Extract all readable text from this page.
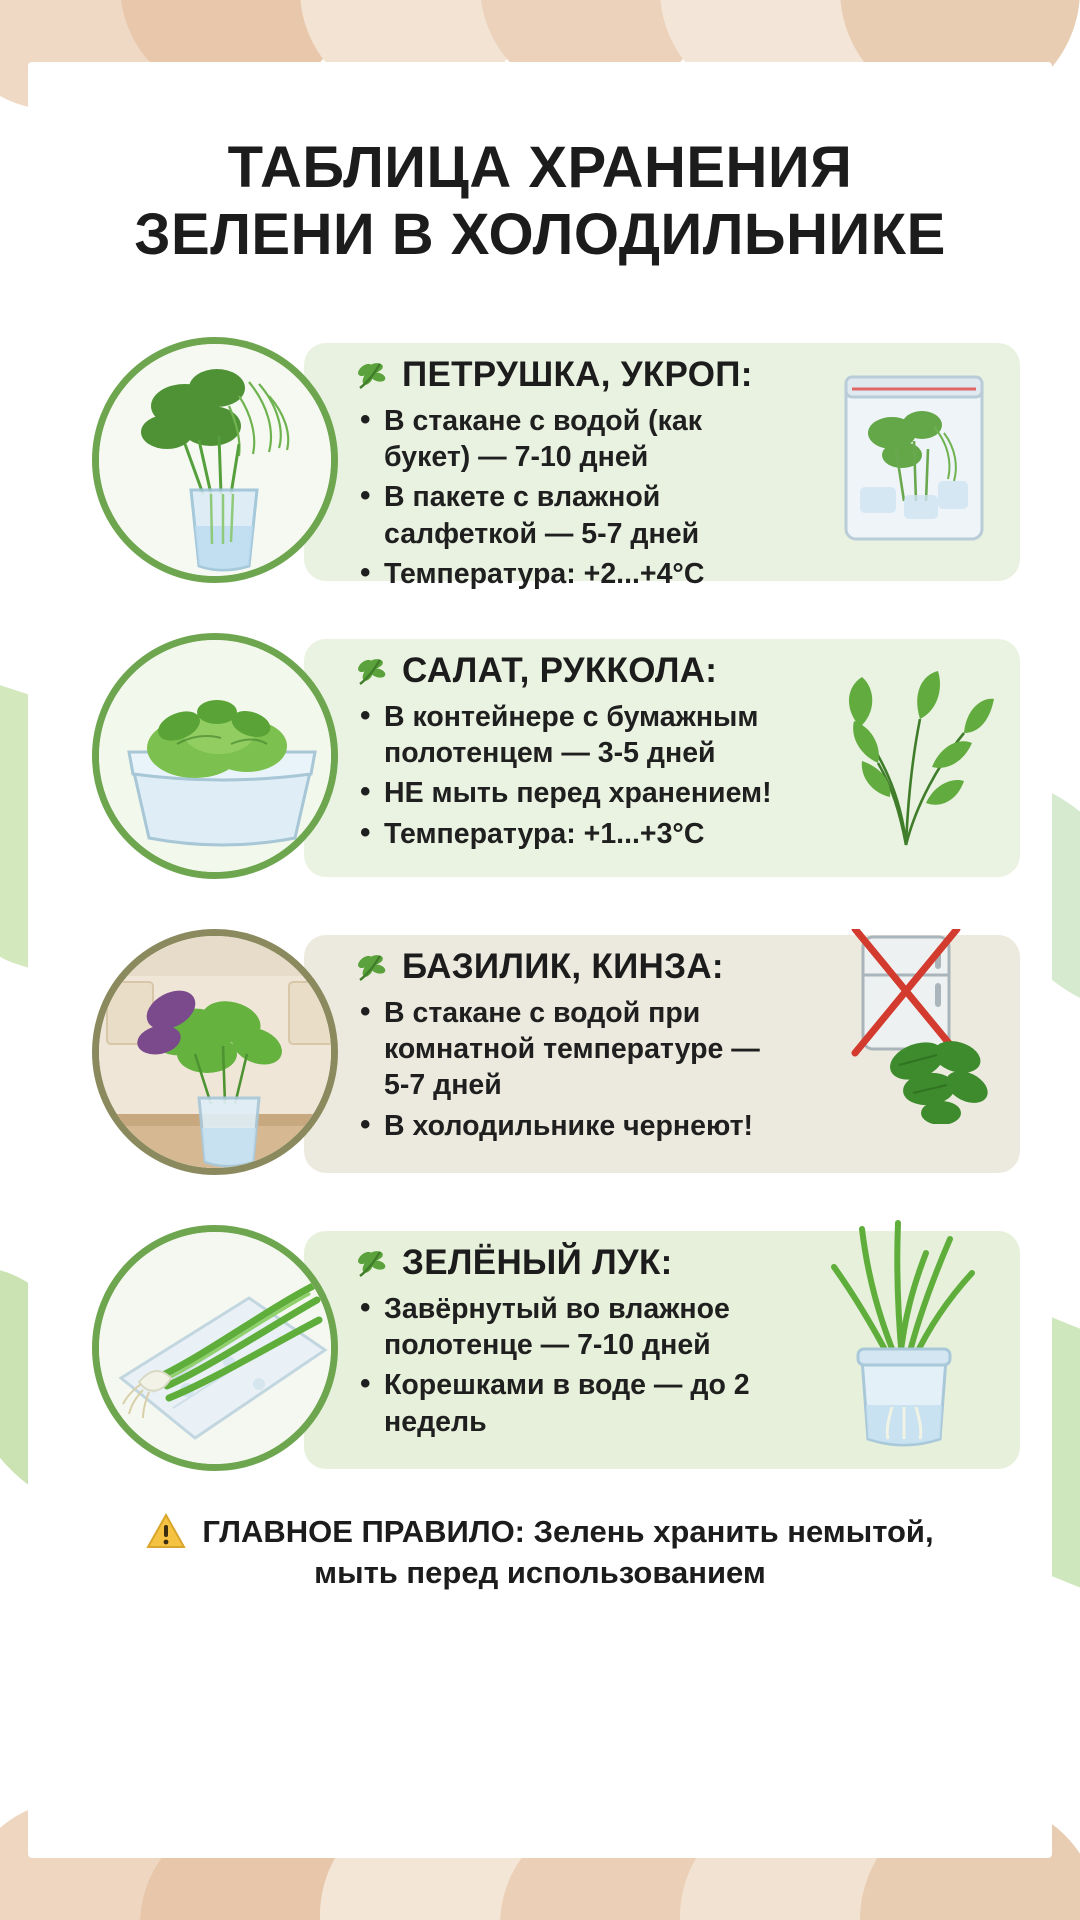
ТАБЛИЦА ХРАНЕНИЯ
ЗЕЛЕНИ В ХОЛОДИЛЬНИКЕ
ПЕТРУШКА, УКРОП:
• В стакане с водой (как букет) — 7-10 дней
• В пакете с влажной салфеткой — 5-7 дней
• Температура: +2...+4°С
САЛАТ, РУККОЛА:
• В контейнере с бумажным полотенцем — 3-5 дней
• НЕ мыть перед хранением!
• Температура: +1...+3°С
БАЗИЛИК, КИНЗА:
• В стакане с водой при комнатной температуре — 5-7 дней
• В холодильнике чернеют!
ЗЕЛЁНЫЙ ЛУК:
• Завёрнутый во влажное полотенце — 7-10 дней
• Корешками в воде — до 2 недель
ГЛАВНОЕ ПРАВИЛО: Зелень хранить немытой,
мыть перед использованием
